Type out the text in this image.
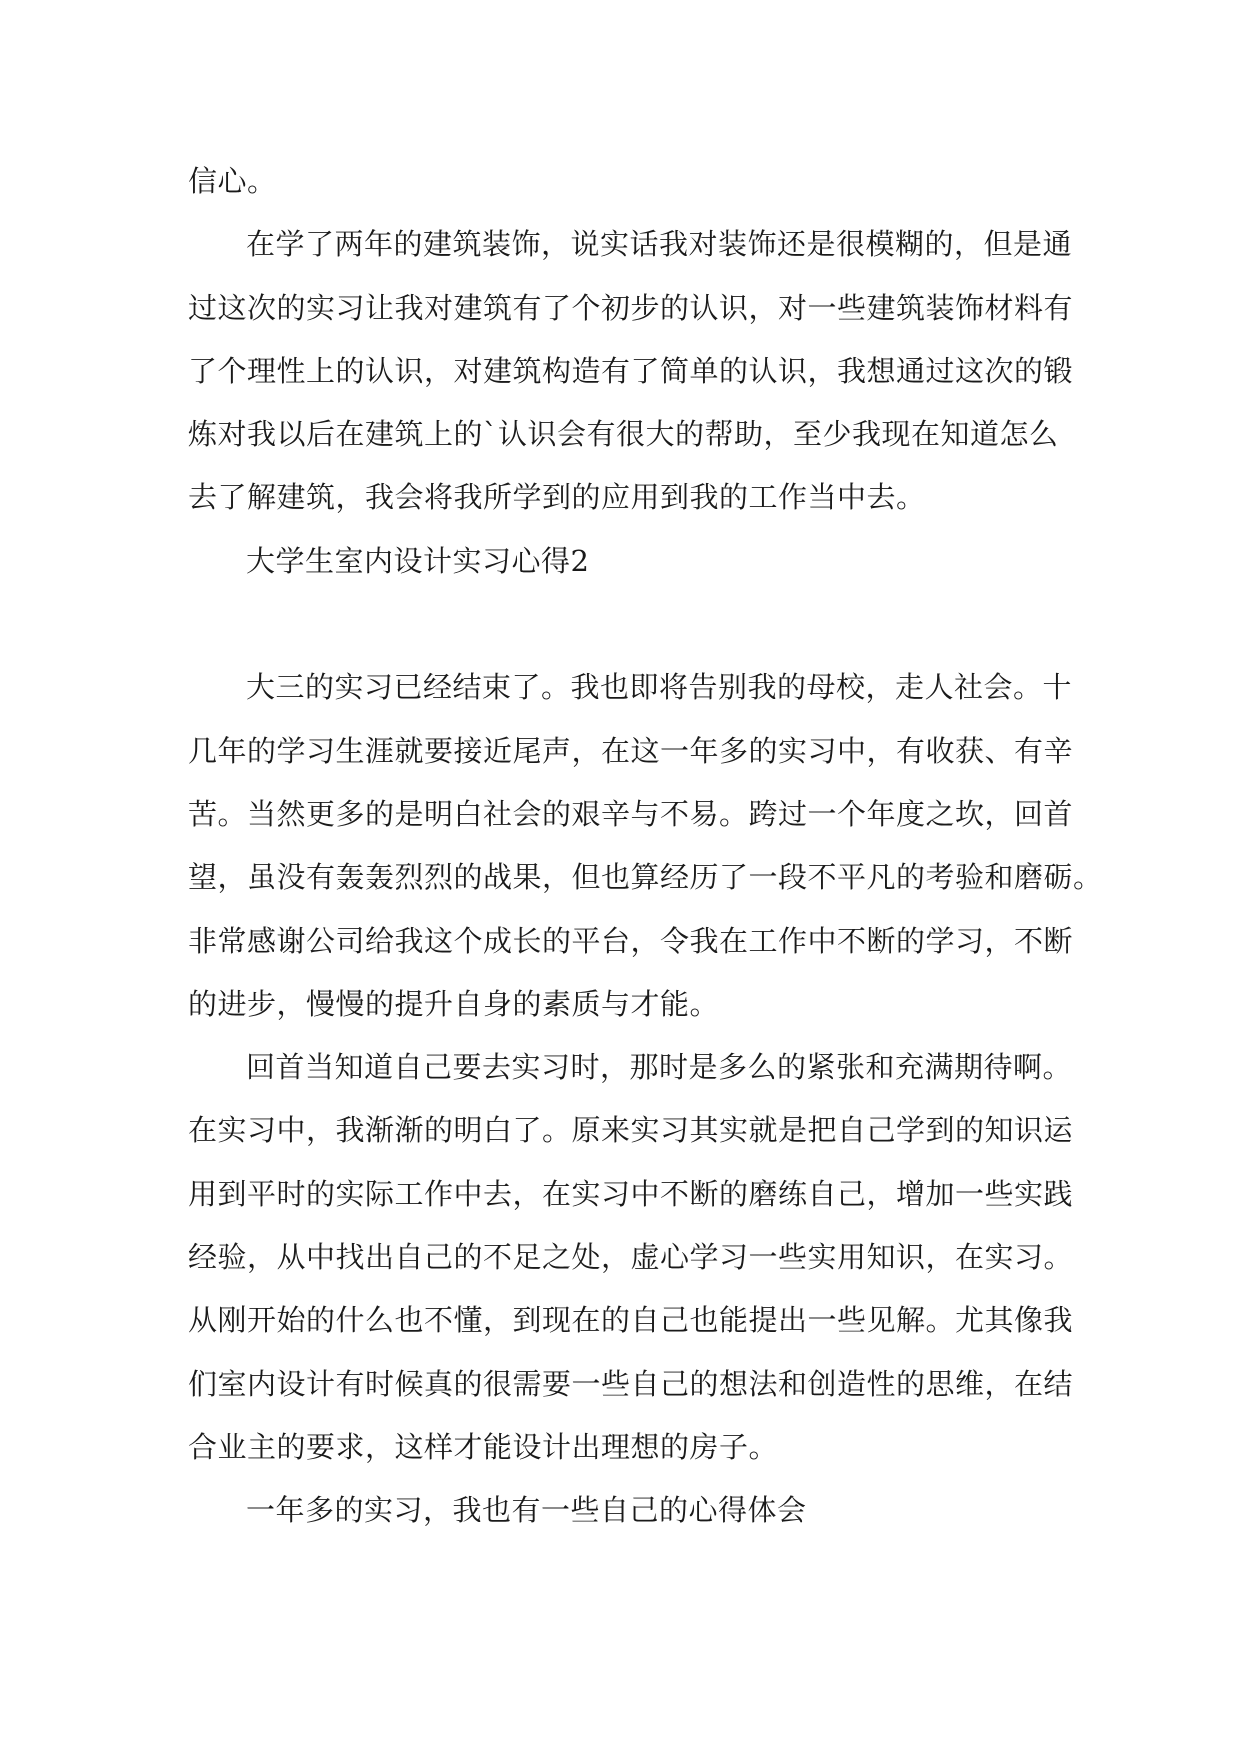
信心。
在学了两年的建筑装饰，说实话我对装饰还是很模糊的，但是通
过这次的实习让我对建筑有了个初步的认识，对一些建筑装饰材料有
了个理性上的认识，对建筑构造有了简单的认识，我想通过这次的锻
炼对我以后在建筑上的`认识会有很大的帮助，至少我现在知道怎么
去了解建筑，我会将我所学到的应用到我的工作当中去。
大学生室内设计实习心得2
大三的实习已经结束了。我也即将告别我的母校，走人社会。十
几年的学习生涯就要接近尾声，在这一年多的实习中，有收获、有辛
苦。当然更多的是明白社会的艰辛与不易。跨过一个年度之坎，回首
望，虽没有轰轰烈烈的战果，但也算经历了一段不平凡的考验和磨砺。
非常感谢公司给我这个成长的平台，令我在工作中不断的学习，不断
的进步，慢慢的提升自身的素质与才能。
回首当知道自己要去实习时，那时是多么的紧张和充满期待啊。
在实习中，我渐渐的明白了。原来实习其实就是把自己学到的知识运
用到平时的实际工作中去，在实习中不断的磨练自己，增加一些实践
经验，从中找出自己的不足之处，虚心学习一些实用知识，在实习。
从刚开始的什么也不懂，到现在的自己也能提出一些见解。尤其像我
们室内设计有时候真的很需要一些自己的想法和创造性的思维，在结
合业主的要求，这样才能设计出理想的房子。
一年多的实习，我也有一些自己的心得体会
